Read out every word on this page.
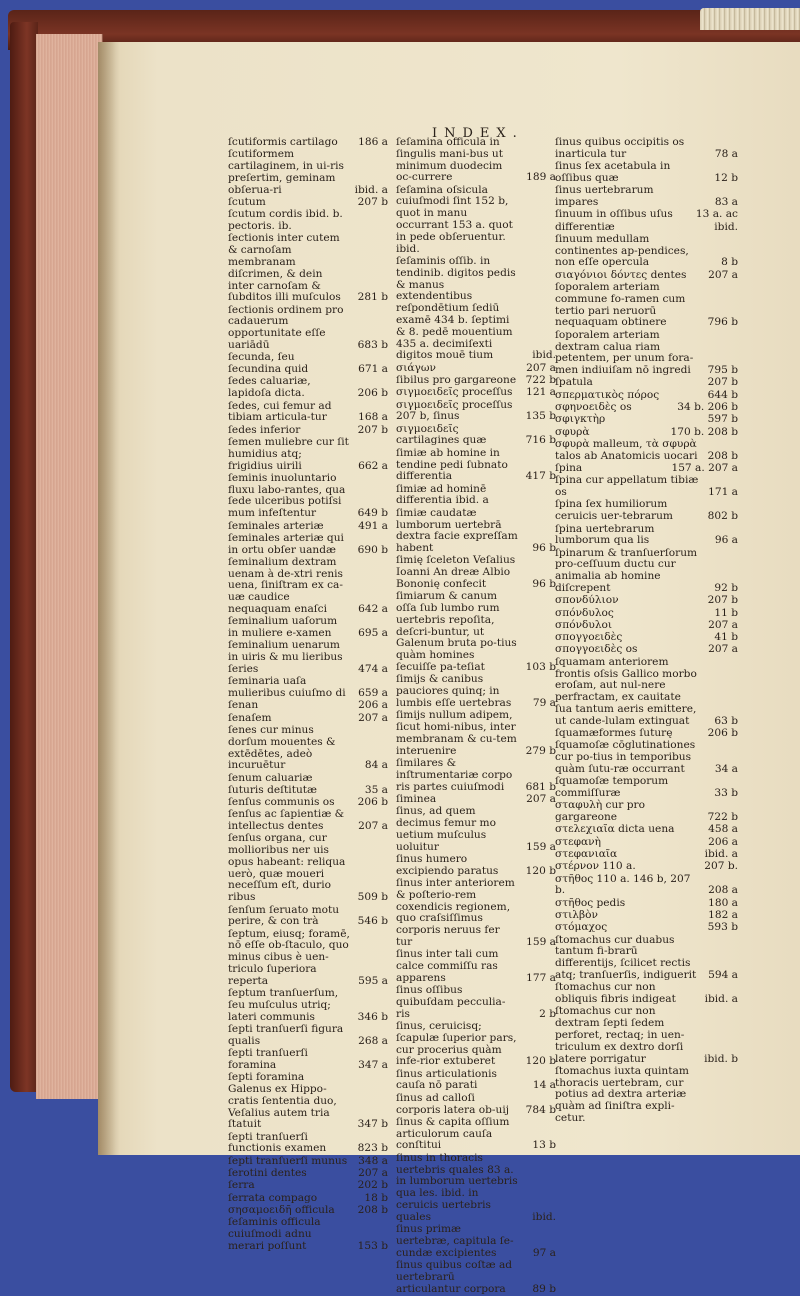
INDEX.
ſcutiformis cartilago	186 a
ſcutiformem cartilaginem, in ui-ris preſertim, geminam obſerua-ri	ibid. a
ſcutum	207 b
ſcutum cordis ibid. b. pectoris. ib.
ſectionis inter cutem & carnoſam membranam diſcrimen, & dein inter carnoſam & ſubditos illi muſculos	281 b
ſectionis ordinem pro cadauerum opportunitate eſſe uariādū	683 b
ſecunda, ſeu ſecundina quid	671 a
ſedes caluariæ, lapidoſa dicta.	206 b
ſedes, cui femur ad tibiam articula-tur	168 a
ſedes inferior	207 b
ſemen muliebre cur ſit humidius atq; frigidius uirili	662 a
ſeminis inuoluntario fluxu labo-rantes, qua ſede ulceribus potiſsi mum infeſtentur	649 b
ſeminales arteriæ	491 a
ſeminales arteriæ qui in ortu obſer uandæ	690 b
ſeminalium dextram uenam à de-xtri renis uena, ſiniſtram ex ca-uæ caudice nequaquam enaſci	642 a
ſeminalium uaſorum in muliere e-xamen	695 a
ſeminalium uenarum in uiris & mu lieribus ſeries	474 a
ſeminaria uaſa mulieribus cuiuſmo di	659 a
ſenan	206 a
ſenaſem	207 a
ſenes cur minus dorſum mouentes & extēdētes, adeò incuruētur	84 a
ſenum caluariæ ſuturis deſtitutæ	35 a
ſenſus communis os	206 b
ſenſus ac ſapientiæ & intellectus dentes	207 a
ſenſus organa, cur mollioribus ner uis opus habeant: reliqua uerò, quæ moueri neceſſum eſt, durio ribus	509 b
ſenſum ſeruato motu perire, & con trà	546 b
ſeptum, eiusq; foramē, nō eſſe ob-ſtaculo, quo minus cibus è uen-triculo ſuperiora reperta	595 a
ſeptum tranſuerſum, ſeu muſculus utriq; lateri communis	346 b
ſepti tranſuerſi figura qualis	268 a
ſepti tranſuerſi foramina	347 a
ſepti foramina Galenus ex Hippo-cratis ſententia duo, Veſalius autem tria ſtatuit	347 b
ſepti tranſuerſi functionis examen	823 b
ſepti tranſuerſi munus	348 a
ſerotini dentes	207 a
ſerra	202 b
ſerrata compago	18 b
σησαμοειδῆ officula	208 b
ſeſaminis officula cuiuſmodi adnu merari poſſunt	153 b
ſeſamina officula in ſingulis mani-bus ut minimum duodecim oc-currere	189 a
ſeſamina oſsicula cuiuſmodi ſint 152 b, quot in manu occurrant 153 a. quot in pede obſeruentur. ibid.
ſeſaminis oſſib. in tendinib. digitos pedis & manus extendentibus reſpondētium ſediū examē 434 b. ſeptimi & 8. pedē mouentium 435 a. decimiſexti digitos mouē tium	ibid.
σιάγων	207 a
ſibilus pro gargareone 722 b
σιγμοειδεῖς proceſſus	121 a
σιγμοειδεῖς proceſſus 207 b, ſinus	135 b
σιγμοειδεῖς cartilagines quæ	716 b
ſimiæ ab homine in tendine pedi ſubnato differentia	417 b
ſimiæ ad hominē differentia ibid. a
ſimiæ caudatæ lumborum uertebrā dextra facie expreſſam habent	96 b
ſimię ſceleton Veſalius Ioanni An dreæ Albio Bononię confecit	96 b
ſimiarum & canum oſſa ſub lumbo rum uertebris repoſita, deſcri-buntur, ut Galenum bruta po-tius quàm homines ſecuiſſe pa-teſiat	103 b
ſimijs & canibus pauciores quinq; in lumbis eſſe uertebras	79 a
ſimijs nullum adipem, ſicut homi-nibus, inter membranam & cu-tem interuenire	279 b
ſimilares & inſtrumentariæ corpo ris partes cuiuſmodi	681 b
ſiminea	207 a
ſinus, ad quem decimus femur mo uetium muſculus uoluitur	159 a
ſinus humero excipiendo paratus	120 b
ſinus inter anteriorem & poſterio-rem coxendicis regionem, quo craſsiſſimus corporis neruus fer tur	159 a
ſinus inter tali cum calce commiſſu ras apparens	177 a
ſinus oſſibus quibuſdam pecculia-ris	2 b
ſinus, ceruicisq; ſcapulæ ſuperior pars, cur procerius quàm infe-rior extuberet	120 b
ſinus articulationis cauſa nō parati	14 a
ſinus ad calloſi corporis latera ob-uij	784 b
ſinus & capita oſſium articulorum cauſa conſtitui	13 b
ſinus in thoracis uertebris quales 83 a. in lumborum uertebris qua les. ibid. in ceruicis uertebris quales	ibid.
ſinus primæ uertebræ, capitula ſe-cundæ excipientes	97 a
ſinus quibus coſtæ ad uertebrarū articulantur corpora	89 b
ſinus quibus occipitis os inarticula tur	78 a
ſinus ſex acetabula in oſſibus quæ	12 b
ſinus uertebrarum impares	83 a
ſinuum in oſſibus uſus	13 a. ac
differentiæ	ibid.
ſinuum medullam continentes ap-pendices, non eſſe opercula	8 b
σιαγόνιοι δόντες dentes	207 a
ſoporalem arteriam commune fo-ramen cum tertio pari neruorū nequaquam obtinere	796 b
ſoporalem arteriam dextram calua riam petentem, per unum fora-men indiuiſam nō ingredi	795 b
ſpatula	207 b
σπερματικὸς πόρος	644 b
σφηνοειδὲς os	34 b. 206 b
σφιγκτὴρ	597 b
σφυρὰ	170 b. 208 b
σφυρὰ malleum, τὰ σφυρὰ talos ab Anatomicis uocari 208 b
ſpina	157 a. 207 a
ſpina cur appellatum tibiæ os	171 a
ſpina ſex humiliorum ceruicis uer-tebrarum	802 b
ſpina uertebrarum lumborum qua lis	96 a
ſpinarum & tranſuerſorum pro-ceſſuum ductu cur animalia ab homine diſcrepent	92 b
σπονδύλιον	207 b
σπόνδυλος	11 b
σπόνδυλοι	207 a
σπογγοειδὲς	41 b
σπογγοειδὲς os	207 a
ſquamam anteriorem frontis oſsis Gallico morbo eroſam, aut nul-nere perfractam, ex cauitate ſua tantum aeris emittere, ut cande-lulam extinguat	63 b
ſquamæformes ſuturę	206 b
ſquamoſæ cōglutinationes cur po-tius in temporibus quàm ſutu-ræ occurrant	34 a
ſquamoſæ temporum commiſſuræ	33 b
σταφυλὴ cur pro gargareone	722 b
στελεχιαῖα dicta uena	458 a
στεφανὴ	206 a
στεφανιαῖα	ibid. a
στέρνον 110 a.	207 b.
στῆθος 110 a. 146 b, 207 b.	208 a
στῆθος pedis	180 a
στιλβὸν	182 a
στόμαχος	593 b
ſtomachus cur duabus tantum fi-brarū differentijs, ſcilicet rectis atq; tranſuerſis, indiguerit	594 a
ſtomachus cur non obliquis fibris indigeat	ibid. a
ſtomachus cur non dextram ſepti ſedem perforet, rectaq; in uen-triculum ex dextro dorſi latere porrigatur	ibid. b
ſtomachus iuxta quintam thoracis uertebram, cur potius ad dextra arteriæ quàm ad ſiniſtra expli-cetur.
